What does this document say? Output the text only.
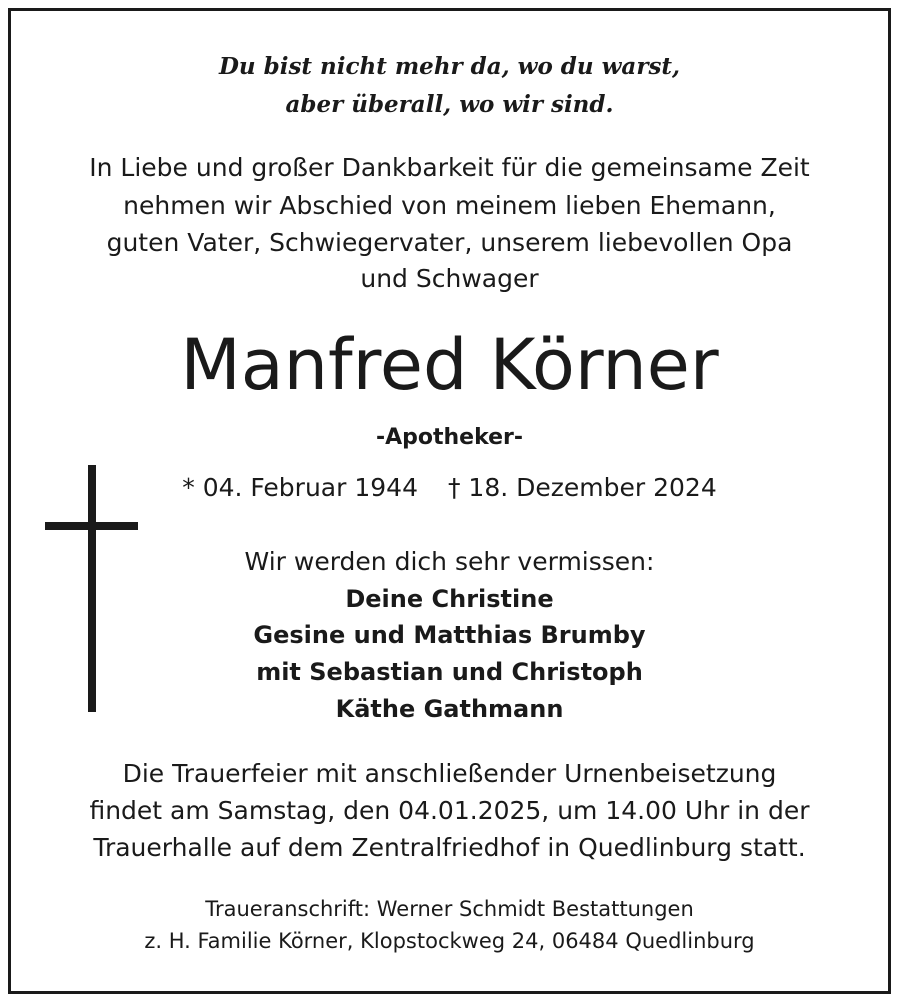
Du bist nicht mehr da, wo du warst,
aber überall, wo wir sind.
In Liebe und großer Dankbarkeit für die gemeinsame Zeit
nehmen wir Abschied von meinem lieben Ehemann,
guten Vater, Schwiegervater, unserem liebevollen Opa
und Schwager
Manfred Körner
-Apotheker-
* 04. Februar 1944 † 18. Dezember 2024
Wir werden dich sehr vermissen:
Deine Christine
Gesine und Matthias Brumby
mit Sebastian und Christoph
Käthe Gathmann
Die Trauerfeier mit anschließender Urnenbeisetzung
findet am Samstag, den 04.01.2025, um 14.00 Uhr in der
Trauerhalle auf dem Zentralfriedhof in Quedlinburg statt.
Traueranschrift: Werner Schmidt Bestattungen
z. H. Familie Körner, Klopstockweg 24, 06484 Quedlinburg
